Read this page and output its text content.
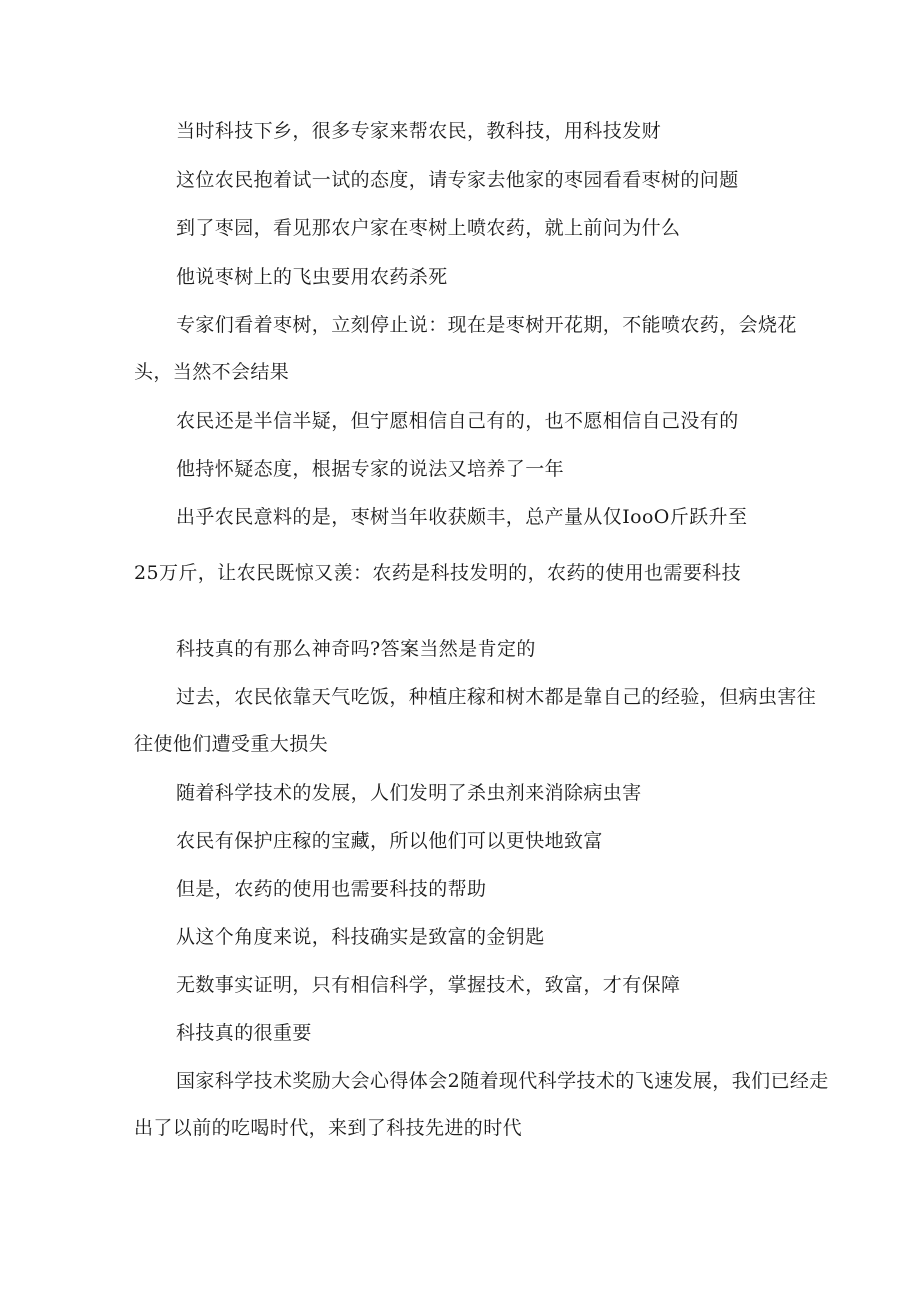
当时科技下乡，很多专家来帮农民，教科技，用科技发财

这位农民抱着试一试的态度，请专家去他家的枣园看看枣树的问题

到了枣园，看见那农户家在枣树上喷农药，就上前问为什么

他说枣树上的飞虫要用农药杀死

专家们看着枣树，立刻停止说：现在是枣树开花期，不能喷农药，会烧花头，当然不会结果

农民还是半信半疑，但宁愿相信自己有的，也不愿相信自己没有的

他持怀疑态度，根据专家的说法又培养了一年

出乎农民意料的是，枣树当年收获颇丰，总产量从仅IooO斤跃升至

25万斤，让农民既惊又羡：农药是科技发明的，农药的使用也需要科技

科技真的有那么神奇吗?答案当然是肯定的

过去，农民依靠天气吃饭，种植庄稼和树木都是靠自己的经验，但病虫害往往使他们遭受重大损失

随着科学技术的发展，人们发明了杀虫剂来消除病虫害

农民有保护庄稼的宝藏，所以他们可以更快地致富

但是，农药的使用也需要科技的帮助

从这个角度来说，科技确实是致富的金钥匙

无数事实证明，只有相信科学，掌握技术，致富，才有保障

科技真的很重要

国家科学技术奖励大会心得体会2随着现代科学技术的飞速发展，我们已经走出了以前的吃喝时代，来到了科技先进的时代
